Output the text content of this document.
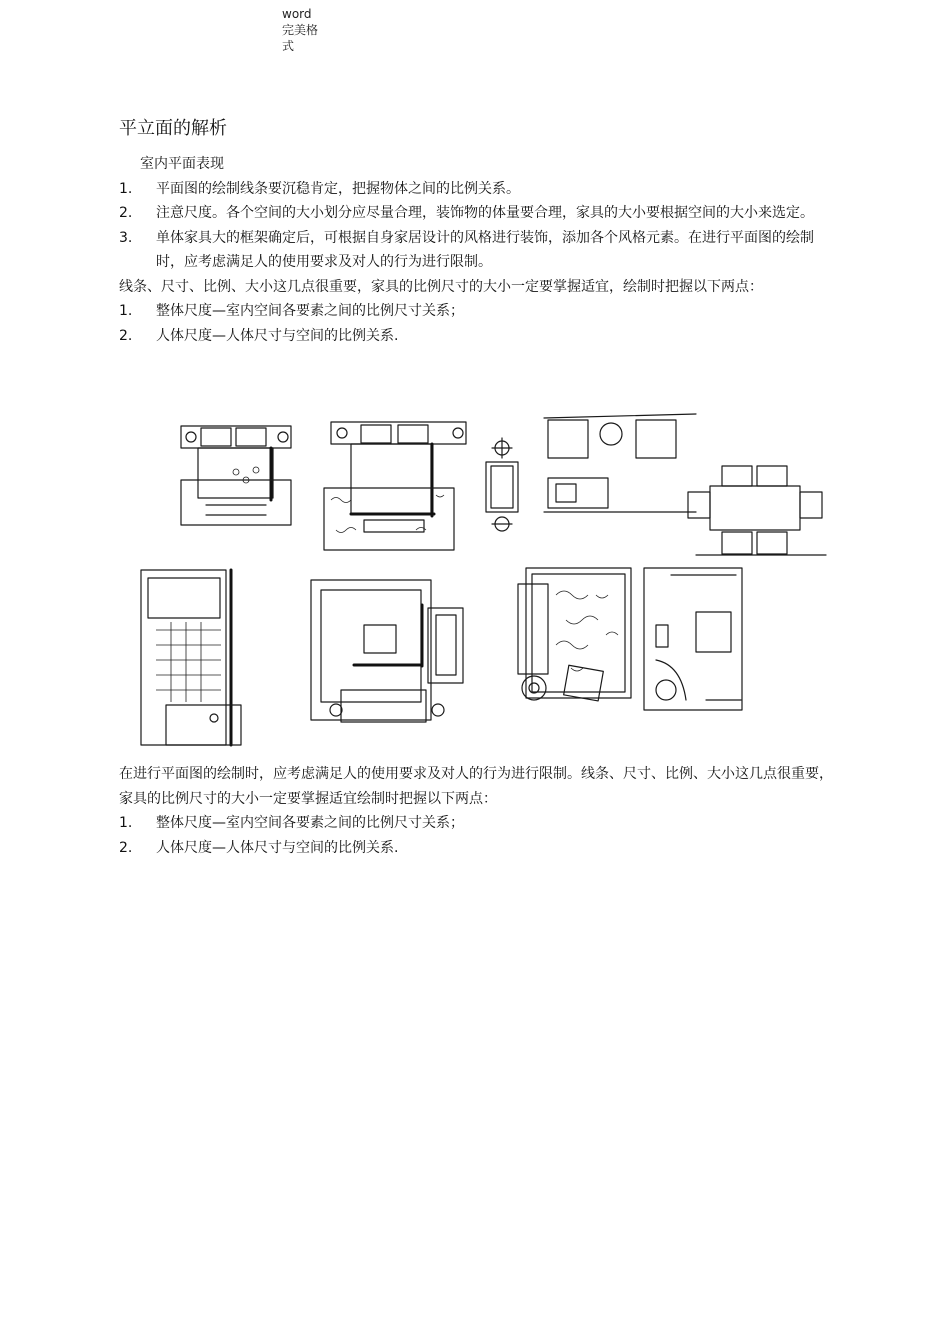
word
完美格
式
平立面的解析

室内平面表现

1.	平面图的绘制线条要沉稳肯定，把握物体之间的比例关系。
2.	注意尺度。各个空间的大小划分应尽量合理，装饰物的体量要合理，家具的大小要根据空间的大小来选定。
3.	单体家具大的框架确定后，可根据自身家居设计的风格进行装饰，添加各个风格元素。在进行平面图的绘制时，应考虑满足人的使用要求及对人的行为进行限制。

线条、尺寸、比例、大小这几点很重要，家具的比例尺寸的大小一定要掌握适宜，绘制时把握以下两点：

1.	整体尺度—室内空间各要素之间的比例尺寸关系；
2.	人体尺度—人体尺寸与空间的比例关系.

在进行平面图的绘制时，应考虑满足人的使用要求及对人的行为进行限制。线条、尺寸、比例、大小这几点很重要，家具的比例尺寸的大小一定要掌握适宜绘制时把握以下两点：

1.	整体尺度—室内空间各要素之间的比例尺寸关系；
2.	人体尺度—人体尺寸与空间的比例关系.
